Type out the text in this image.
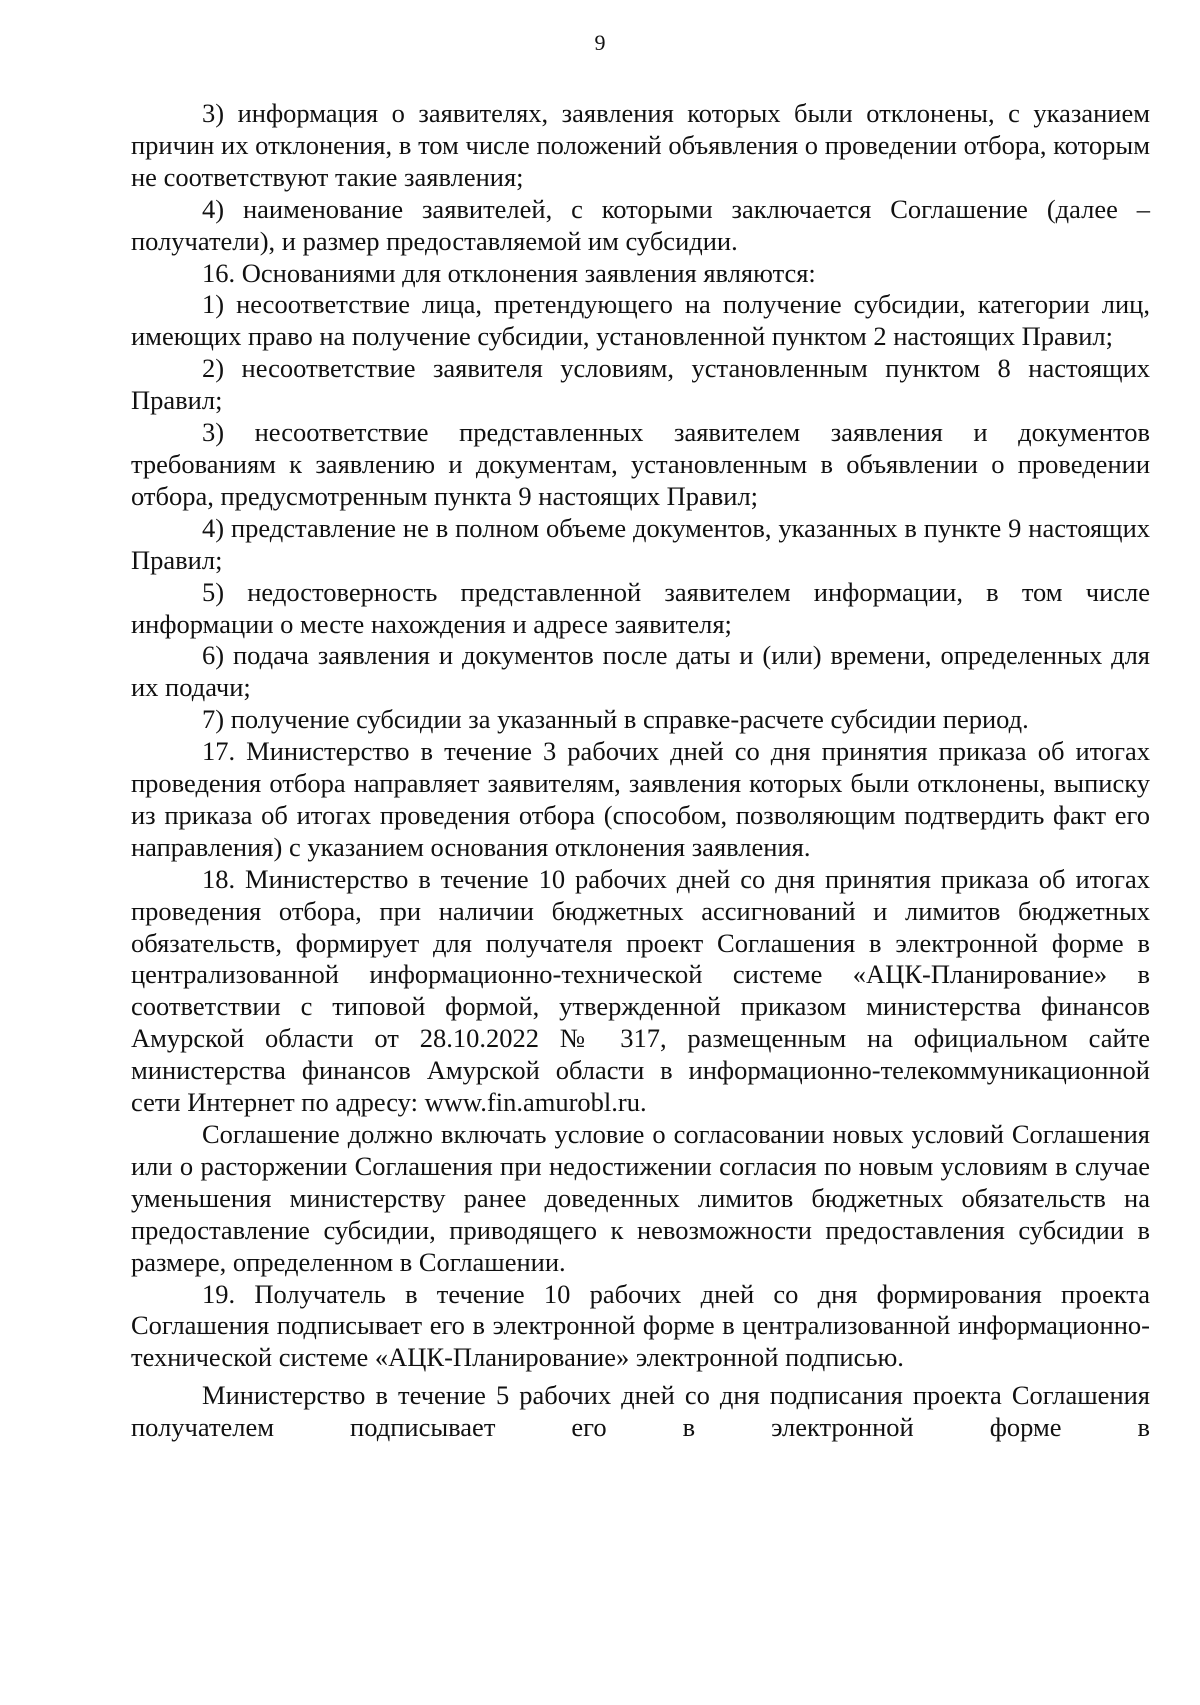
9

3) информация о заявителях, заявления которых были отклонены, с указанием причин их отклонения, в том числе положений объявления о проведении отбора, которым не соответствуют такие заявления;

4) наименование заявителей, с которыми заключается Соглашение (далее – получатели), и размер предоставляемой им субсидии.

16. Основаниями для отклонения заявления являются:

1) несоответствие лица, претендующего на получение субсидии, категории лиц, имеющих право на получение субсидии, установленной пунктом 2 настоящих Правил;

2) несоответствие заявителя условиям, установленным пунктом 8 настоящих Правил;

3) несоответствие представленных заявителем заявления и документов требованиям к заявлению и документам, установленным в объявлении о проведении отбора, предусмотренным пункта 9 настоящих Правил;

4) представление не в полном объеме документов, указанных в пункте 9 настоящих Правил;

5) недостоверность представленной заявителем информации, в том числе информации о месте нахождения и адресе заявителя;

6) подача заявления и документов после даты и (или) времени, определенных для их подачи;

7) получение субсидии за указанный в справке-расчете субсидии период.

17. Министерство в течение 3 рабочих дней со дня принятия приказа об итогах проведения отбора направляет заявителям, заявления которых были отклонены, выписку из приказа об итогах проведения отбора (способом, позволяющим подтвердить факт его направления) с указанием основания отклонения заявления.

18. Министерство в течение 10 рабочих дней со дня принятия приказа об итогах проведения отбора, при наличии бюджетных ассигнований и лимитов бюджетных обязательств, формирует для получателя проект Соглашения в электронной форме в централизованной информационно-технической системе «АЦК-Планирование» в соответствии с типовой формой, утвержденной приказом министерства финансов Амурской области от 28.10.2022 № 317, размещенным на официальном сайте министерства финансов Амурской области в информационно-телекоммуникационной сети Интернет по адресу: www.fin.amurobl.ru.

Соглашение должно включать условие о согласовании новых условий Соглашения или о расторжении Соглашения при недостижении согласия по новым условиям в случае уменьшения министерству ранее доведенных лимитов бюджетных обязательств на предоставление субсидии, приводящего к невозможности предоставления субсидии в размере, определенном в Соглашении.

19. Получатель в течение 10 рабочих дней со дня формирования проекта Соглашения подписывает его в электронной форме в централизованной информационно-технической системе «АЦК-Планирование» электронной подписью.

Министерство в течение 5 рабочих дней со дня подписания проекта Соглашения получателем подписывает его в электронной форме в
